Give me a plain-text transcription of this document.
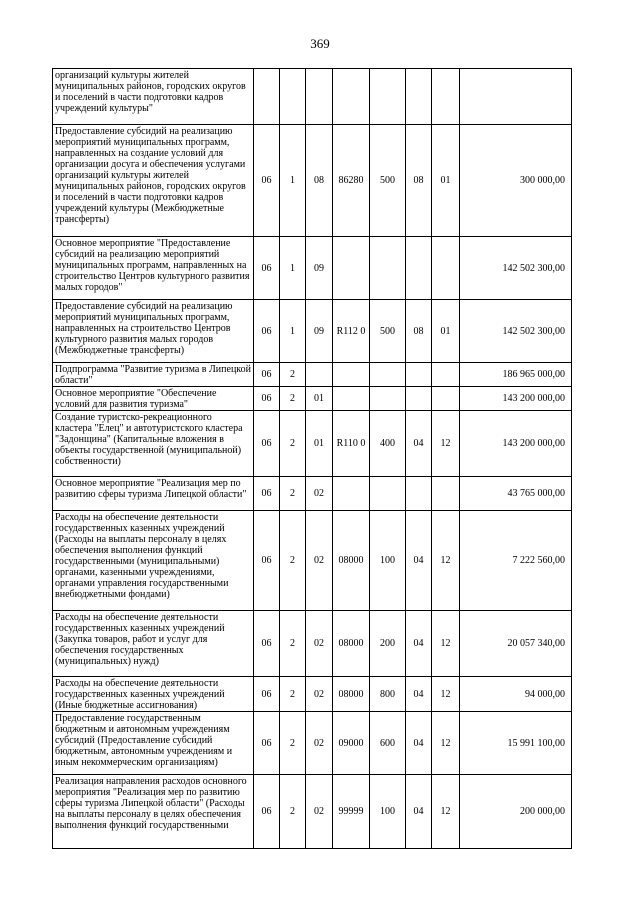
369
организаций культуры жителей муниципальных районов, городских округов и поселений в части подготовки кадров учреждений культуры"								
Предоставление субсидий на реализацию мероприятий муниципальных программ, направленных на создание условий для организации досуга и обеспечения услугами организаций культуры жителей муниципальных районов, городских округов и поселений в части подготовки кадров учреждений культуры (Межбюджетные трансферты)	06	1	08	86280	500	08	01	300 000,00
Основное мероприятие "Предоставление субсидий на реализацию мероприятий муниципальных программ, направленных на строительство Центров культурного развития малых городов"	06	1	09					142 502 300,00
Предоставление субсидий на реализацию мероприятий муниципальных программ, направленных на строительство Центров культурного развития малых городов (Межбюджетные трансферты)	06	1	09	R112 0	500	08	01	142 502 300,00
Подпрограмма "Развитие туризма в Липецкой области"	06	2						186 965 000,00
Основное мероприятие "Обеспечение условий для развития туризма"	06	2	01					143 200 000,00
Создание туристско-рекреационного кластера "Елец" и автотуристского кластера "Задонщина" (Капитальные вложения в объекты государственной (муниципальной) собственности)	06	2	01	R110 0	400	04	12	143 200 000,00
Основное мероприятие "Реализация мер по развитию сферы туризма Липецкой области"	06	2	02					43 765 000,00
Расходы на обеспечение деятельности государственных казенных учреждений (Расходы на выплаты персоналу в целях обеспечения выполнения функций государственными (муниципальными) органами, казенными учреждениями, органами управления государственными внебюджетными фондами)	06	2	02	08000	100	04	12	7 222 560,00
Расходы на обеспечение деятельности государственных казенных учреждений (Закупка товаров, работ и услуг для обеспечения государственных (муниципальных) нужд)	06	2	02	08000	200	04	12	20 057 340,00
Расходы на обеспечение деятельности государственных казенных учреждений (Иные бюджетные ассигнования)	06	2	02	08000	800	04	12	94 000,00
Предоставление государственным бюджетным и автономным учреждениям субсидий (Предоставление субсидий бюджетным, автономным учреждениям и иным некоммерческим организациям)	06	2	02	09000	600	04	12	15 991 100,00
Реализация направления расходов основного мероприятия "Реализация мер по развитию сферы туризма Липецкой области" (Расходы на выплаты персоналу в целях обеспечения выполнения функций государственными	06	2	02	99999	100	04	12	200 000,00
